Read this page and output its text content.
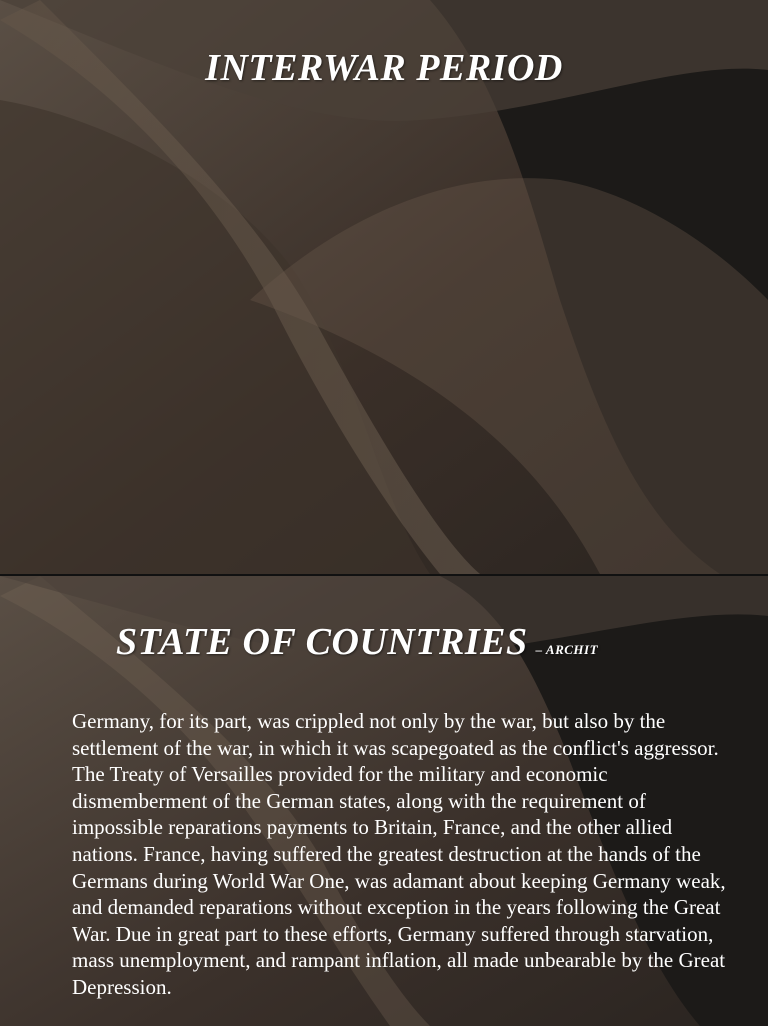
INTERWAR PERIOD
STATE OF COUNTRIES – ARCHIT

Germany, for its part, was crippled not only by the war, but also by the settlement of the war, in which it was scapegoated as the conflict's aggressor. The Treaty of Versailles provided for the military and economic dismemberment of the German states, along with the requirement of impossible reparations payments to Britain, France, and the other allied nations. France, having suffered the greatest destruction at the hands of the Germans during World War One, was adamant about keeping Germany weak, and demanded reparations without exception in the years following the Great War. Due in great part to these efforts, Germany suffered through starvation, mass unemployment, and rampant inflation, all made unbearable by the Great Depression.
